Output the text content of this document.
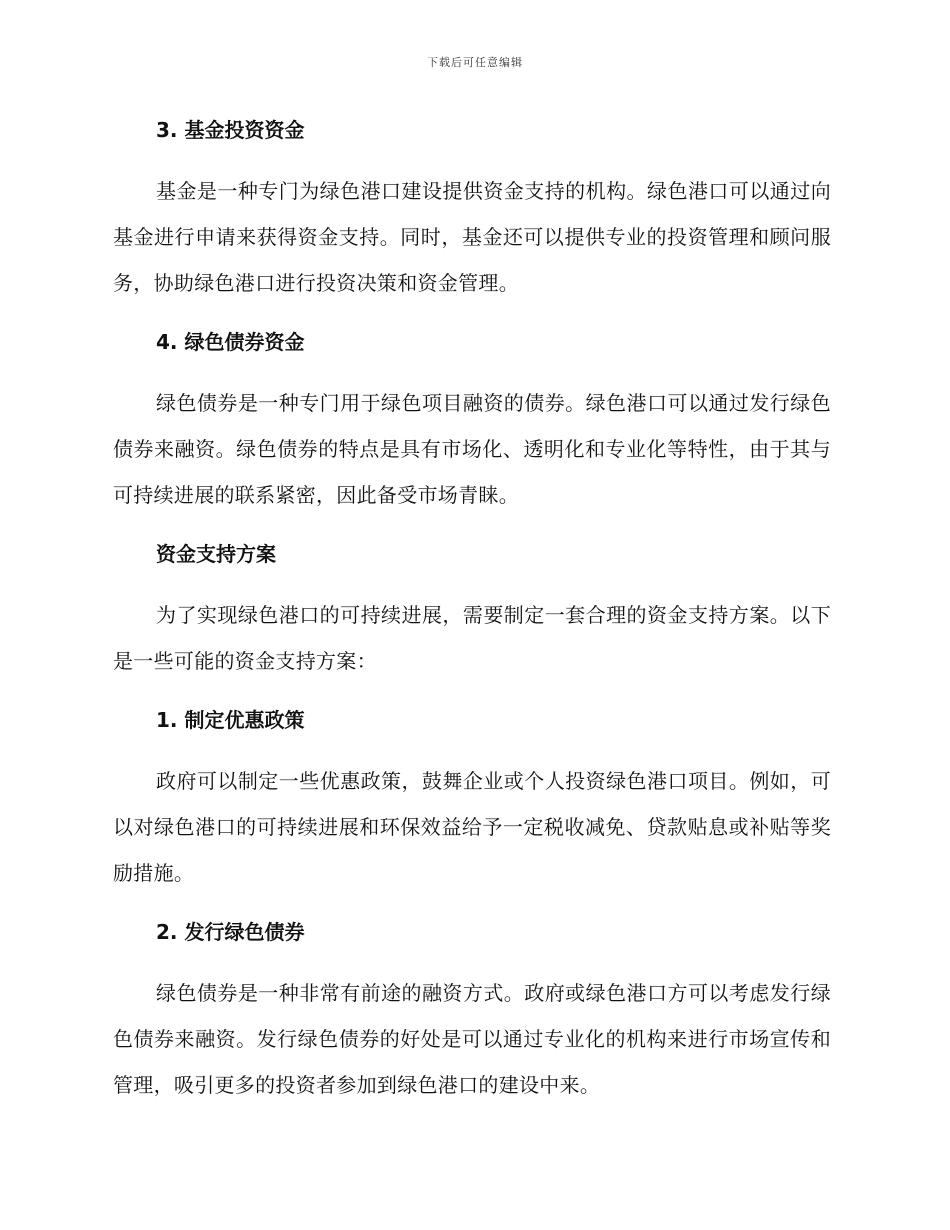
下载后可任意编辑
3. 基金投资资金

基金是一种专门为绿色港口建设提供资金支持的机构。绿色港口可以通过向基金进行申请来获得资金支持。同时，基金还可以提供专业的投资管理和顾问服务，协助绿色港口进行投资决策和资金管理。

4. 绿色债券资金

绿色债券是一种专门用于绿色项目融资的债券。绿色港口可以通过发行绿色债券来融资。绿色债券的特点是具有市场化、透明化和专业化等特性，由于其与可持续进展的联系紧密，因此备受市场青睐。

资金支持方案

为了实现绿色港口的可持续进展，需要制定一套合理的资金支持方案。以下是一些可能的资金支持方案：

1. 制定优惠政策

政府可以制定一些优惠政策，鼓舞企业或个人投资绿色港口项目。例如，可以对绿色港口的可持续进展和环保效益给予一定税收减免、贷款贴息或补贴等奖励措施。

2. 发行绿色债券

绿色债券是一种非常有前途的融资方式。政府或绿色港口方可以考虑发行绿色债券来融资。发行绿色债券的好处是可以通过专业化的机构来进行市场宣传和管理，吸引更多的投资者参加到绿色港口的建设中来。
